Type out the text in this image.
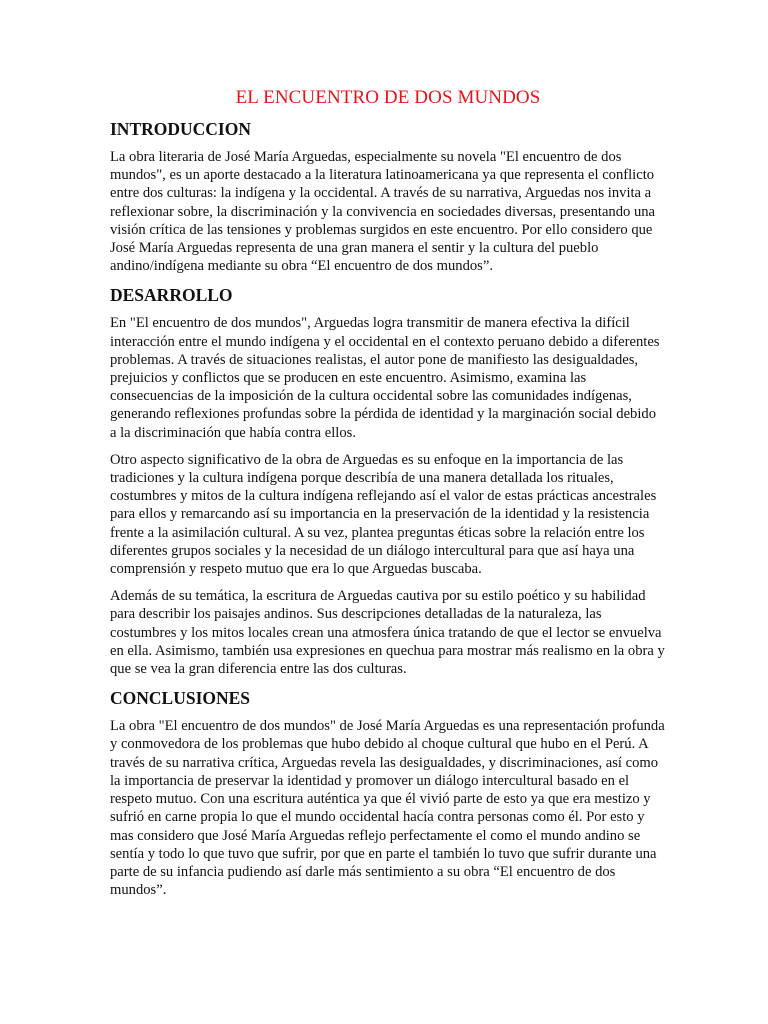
EL ENCUENTRO DE DOS MUNDOS
INTRODUCCION

La obra literaria de José María Arguedas, especialmente su novela "El encuentro de dos mundos", es un aporte destacado a la literatura latinoamericana ya que representa el conflicto entre dos culturas: la indígena y la occidental. A través de su narrativa, Arguedas nos invita a reflexionar sobre, la discriminación y la convivencia en sociedades diversas, presentando una visión crítica de las tensiones y problemas surgidos en este encuentro. Por ello considero que José María Arguedas representa de una gran manera el sentir y la cultura del pueblo andino/indígena mediante su obra “El encuentro de dos mundos”.

DESARROLLO

En "El encuentro de dos mundos", Arguedas logra transmitir de manera efectiva la difícil interacción entre el mundo indígena y el occidental en el contexto peruano debido a diferentes problemas. A través de situaciones realistas, el autor pone de manifiesto las desigualdades, prejuicios y conflictos que se producen en este encuentro. Asimismo, examina las consecuencias de la imposición de la cultura occidental sobre las comunidades indígenas, generando reflexiones profundas sobre la pérdida de identidad y la marginación social debido a la discriminación que había contra ellos.

Otro aspecto significativo de la obra de Arguedas es su enfoque en la importancia de las tradiciones y la cultura indígena porque describía de una manera detallada los rituales, costumbres y mitos de la cultura indígena reflejando así el valor de estas prácticas ancestrales para ellos y remarcando así su importancia en la preservación de la identidad y la resistencia frente a la asimilación cultural. A su vez, plantea preguntas éticas sobre la relación entre los diferentes grupos sociales y la necesidad de un diálogo intercultural para que así haya una comprensión y respeto mutuo que era lo que Arguedas buscaba.

Además de su temática, la escritura de Arguedas cautiva por su estilo poético y su habilidad para describir los paisajes andinos. Sus descripciones detalladas de la naturaleza, las costumbres y los mitos locales crean una atmosfera única tratando de que el lector se envuelva en ella. Asimismo, también usa expresiones en quechua para mostrar más realismo en la obra y que se vea la gran diferencia entre las dos culturas.

CONCLUSIONES

La obra "El encuentro de dos mundos" de José María Arguedas es una representación profunda y conmovedora de los problemas que hubo debido al choque cultural que hubo en el Perú. A través de su narrativa crítica, Arguedas revela las desigualdades, y discriminaciones, así como la importancia de preservar la identidad y promover un diálogo intercultural basado en el respeto mutuo. Con una escritura auténtica ya que él vivió parte de esto ya que era mestizo y sufrió en carne propia lo que el mundo occidental hacía contra personas como él. Por esto y mas considero que José María Arguedas reflejo perfectamente el como el mundo andino se sentía y todo lo que tuvo que sufrir, por que en parte el también lo tuvo que sufrir durante una parte de su infancia pudiendo así darle más sentimiento a su obra “El encuentro de dos mundos”.
